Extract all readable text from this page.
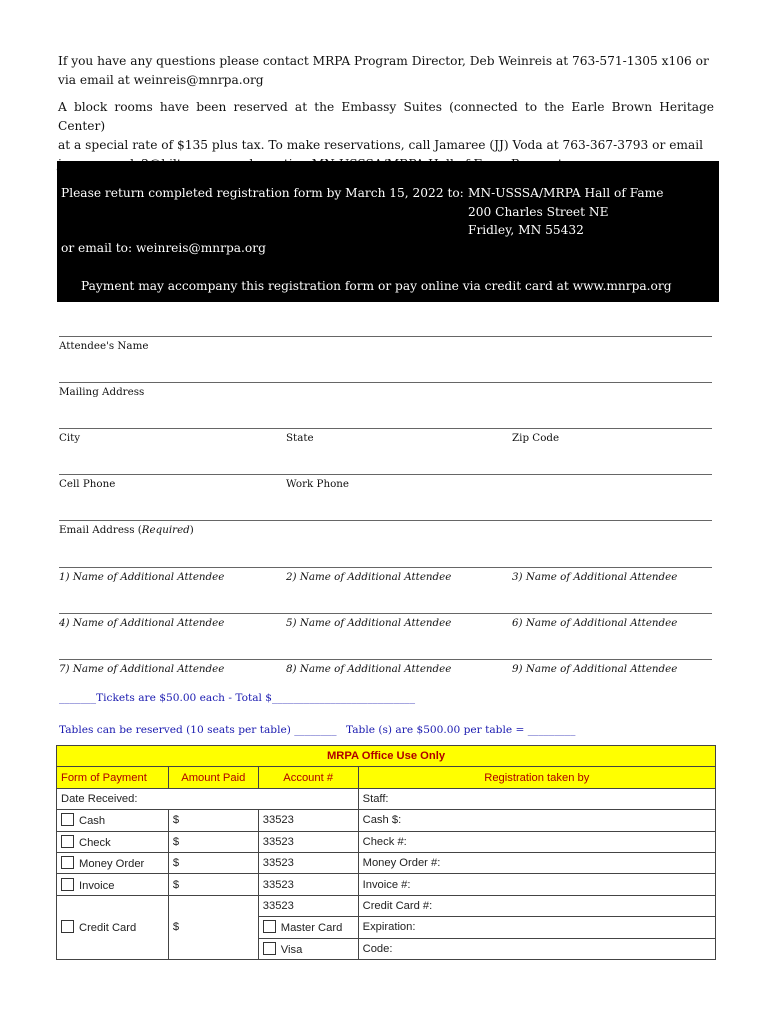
If you have any questions please contact MRPA Program Director, Deb Weinreis at 763-571-1305 x106 or
via email at weinreis@mnrpa.org
A block rooms have been reserved at the Embassy Suites (connected to the Earle Brown Heritage Center)
at a special rate of $135 plus tax. To make reservations, call Jamaree (JJ) Voda at 763-367-3793 or email
Please return completed registration form by March 15, 2022 to: MN-USSSA/MRPA Hall of Fame
200 Charles Street NE
Fridley, MN 55432
or email to: weinreis@mnrpa.org
Payment may accompany this registration form or pay online via credit card at www.mnrpa.org
Attendee's Name
Mailing Address
City	State	Zip Code
Cell Phone	Work Phone
Email Address (Required)
1) Name of Additional Attendee	2) Name of Additional Attendee	3) Name of Additional Attendee
4) Name of Additional Attendee	5) Name of Additional Attendee	6) Name of Additional Attendee
7) Name of Additional Attendee	8) Name of Additional Attendee	9) Name of Additional Attendee
_______Tickets are $50.00 each - Total $___________________________
Tables can be reserved (10 seats per table) ________ Table (s) are $500.00 per table = _________
MRPA Office Use Only			
Form of Payment	Amount Paid	Account #	Registration taken by
Date Received:			Staff:
Cash	$	33523	Cash $:
Check	$	33523	Check #:
Money Order	$	33523	Money Order #:
Invoice	$	33523	Invoice #:
Credit Card	$	33523	Credit Card #:
		Master Card	Expiration:
		Visa	Code:
